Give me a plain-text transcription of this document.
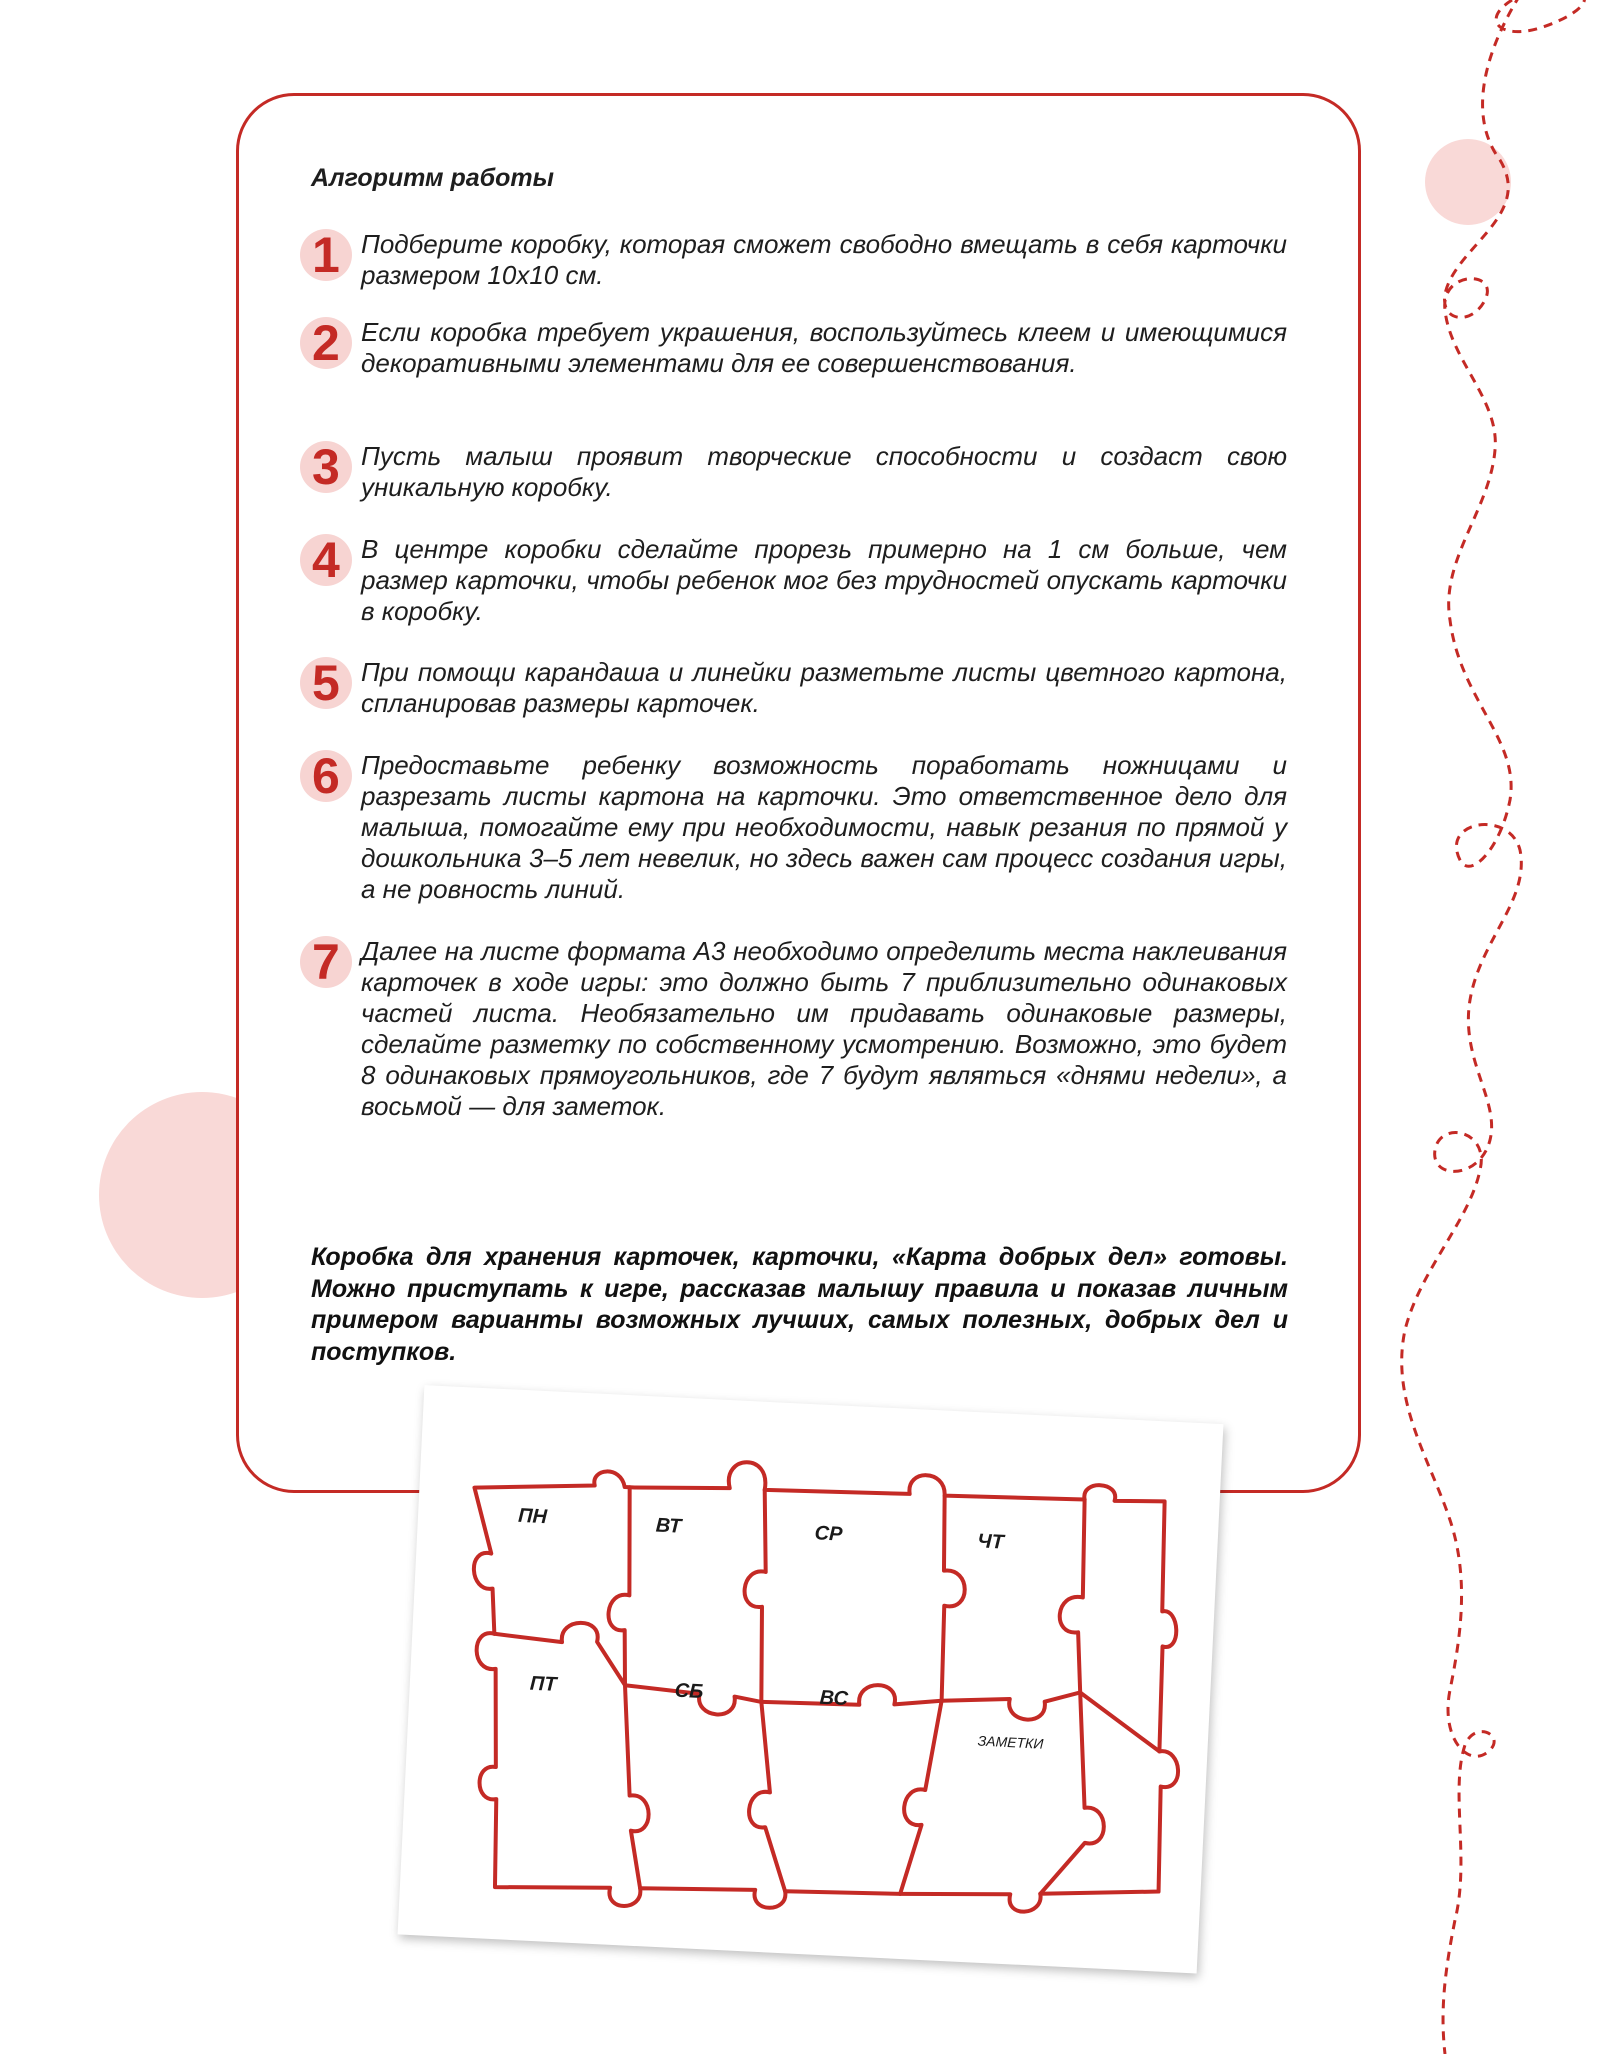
Алгоритм работы
1 Подберите коробку, которая сможет свободно вмещать в себя карточки размером 10х10 см.

2 Если коробка требует украшения, воспользуйтесь клеем и имеющимися декоративными элементами для ее совершенствования.

3 Пусть малыш проявит творческие способности и создаст свою уникальную коробку.

4 В центре коробки сделайте прорезь примерно на 1 см больше, чем размер карточки, чтобы ребенок мог без трудностей опускать карточки в коробку.

5 При помощи карандаша и линейки разметьте листы цветного картона, спланировав размеры карточек.

6 Предоставьте ребенку возможность поработать ножницами и разрезать листы картона на карточки. Это ответственное дело для малыша, помогайте ему при необходимости, навык резания по прямой у дошкольника 3–5 лет невелик, но здесь важен сам процесс создания игры, а не ровность линий.

7 Далее на листе формата А3 необходимо определить места наклеивания карточек в ходе игры: это должно быть 7 приблизительно одинаковых частей листа. Необязательно им придавать одинаковые размеры, сделайте разметку по собственному усмотрению. Возможно, это будет 8 одинаковых прямоугольников, где 7 будут являться «днями недели», а восьмой — для заметок.

Коробка для хранения карточек, карточки, «Карта добрых дел» готовы. Можно приступать к игре, рассказав малышу правила и показав личным примером варианты возможных лучших, самых полезных, добрых дел и поступков.

ПН	ВТ	СР	ЧТ
ПТ	СБ	ВС
ЗАМЕТКИ
